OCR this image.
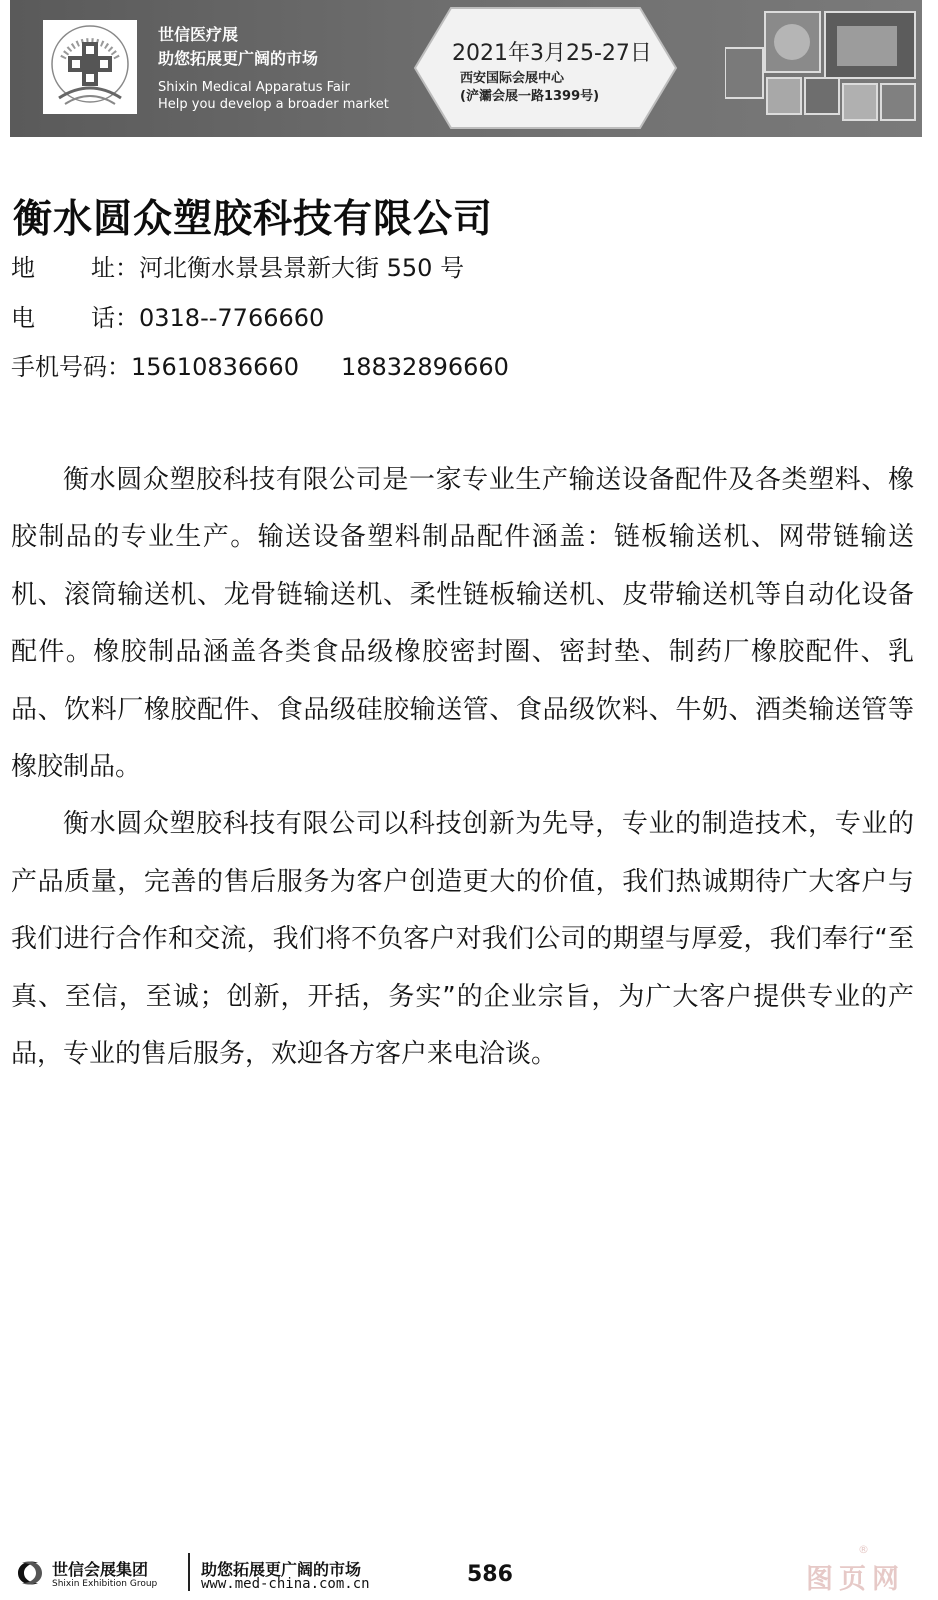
世信医疗展
助您拓展更广阔的市场
Shixin Medical Apparatus Fair
Help you develop a broader market
2021年3月25-27日
西安国际会展中心
(浐灞会展一路1399号)
衡水圆众塑胶科技有限公司
地 址：河北衡水景县景新大街 550 号
电 话：0318--7766660
手机号码：15610836660 18832896660

衡水圆众塑胶科技有限公司是一家专业生产输送设备配件及各类塑料、橡胶制品的专业生产。输送设备塑料制品配件涵盖：链板输送机、网带链输送机、滚筒输送机、龙骨链输送机、柔性链板输送机、皮带输送机等自动化设备配件。橡胶制品涵盖各类食品级橡胶密封圈、密封垫、制药厂橡胶配件、乳品、饮料厂橡胶配件、食品级硅胶输送管、食品级饮料、牛奶、酒类输送管等橡胶制品。

衡水圆众塑胶科技有限公司以科技创新为先导，专业的制造技术，专业的产品质量，完善的售后服务为客户创造更大的价值，我们热诚期待广大客户与我们进行合作和交流，我们将不负客户对我们公司的期望与厚爱，我们奉行“至真、至信，至诚；创新，开括，务实”的企业宗旨，为广大客户提供专业的产品，专业的售后服务，欢迎各方客户来电洽谈。

世信会展集团
Shixin Exhibition Group
助您拓展更广阔的市场
www.med-china.com.cn	586	图页网
®
